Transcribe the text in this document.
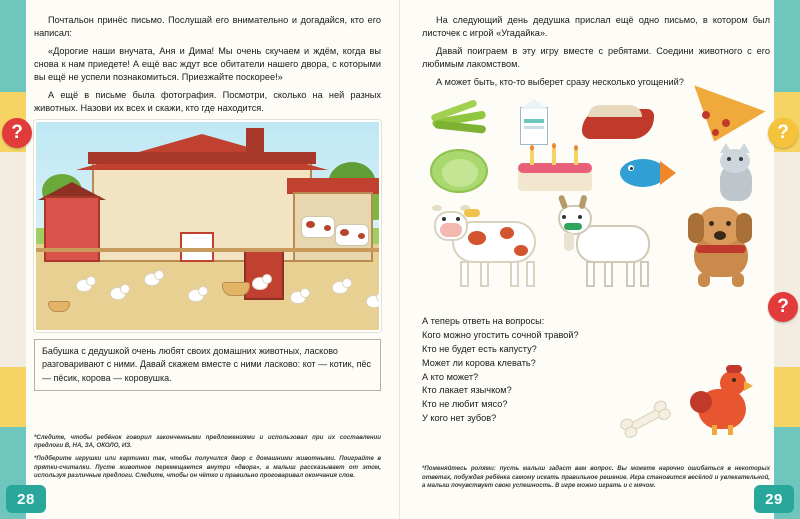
?

Почтальон принёс письмо. Послушай его внимательно и догадайся, кто его написал:

«Дорогие наши внучата, Аня и Дима! Мы очень скучаем и ждём, когда вы снова к нам приедете! А ещё вас ждут все обитатели нашего двора, с которыми вы ещё не успели познакомиться. Приезжайте поскорее!»

А ещё в письме была фотография. Посмотри, сколько на ней разных животных. Назови их всех и скажи, кто где находится.

Бабушка с дедушкой очень любят своих домашних животных, ласково разговаривают с ними. Давай скажем вместе с ними ласково: кот — котик, пёс — пёсик, корова — коровушка.

*Следите, чтобы ребёнок говорил законченными предложениями и использовал при их составлении предлоги В, НА, ЗА, ОКОЛО, ИЗ.

*Подберите игрушки или картинки так, чтобы получился двор с домашними животными. Поиграйте в прятки-считалки. Пусте животное перемещается внутри «двора», а малыш рассказывает от этом, используя различные предлоги. Следите, чтобы он чётко и правильно проговаривал окончания слов.

28
?
?

На следующий день дедушка прислал ещё одно письмо, в котором был листочек с игрой «Угадайка».

Давай поиграем в эту игру вместе с ребятами. Соедини животного с его любимым лакомством.

А может быть, кто-то выберет сразу несколько угощений?

А теперь ответь на вопросы:
Кого можно угостить сочной травой?
Кто не будет есть капусту?
Может ли корова клевать?
А кто может?
Кто лакает язычком?
Кто не любит мясо?
У кого нет зубов?

*Поменяйтесь ролями: пусть малыш задаст вам вопрос. Вы можете нарочно ошибаться в некоторых ответах, побуждая ребёнка самому искать правильное решение. Игра становится весёлой и увлекательной, а малыш почувствует свою успешность. В игре можно играть и с мячом.

29
